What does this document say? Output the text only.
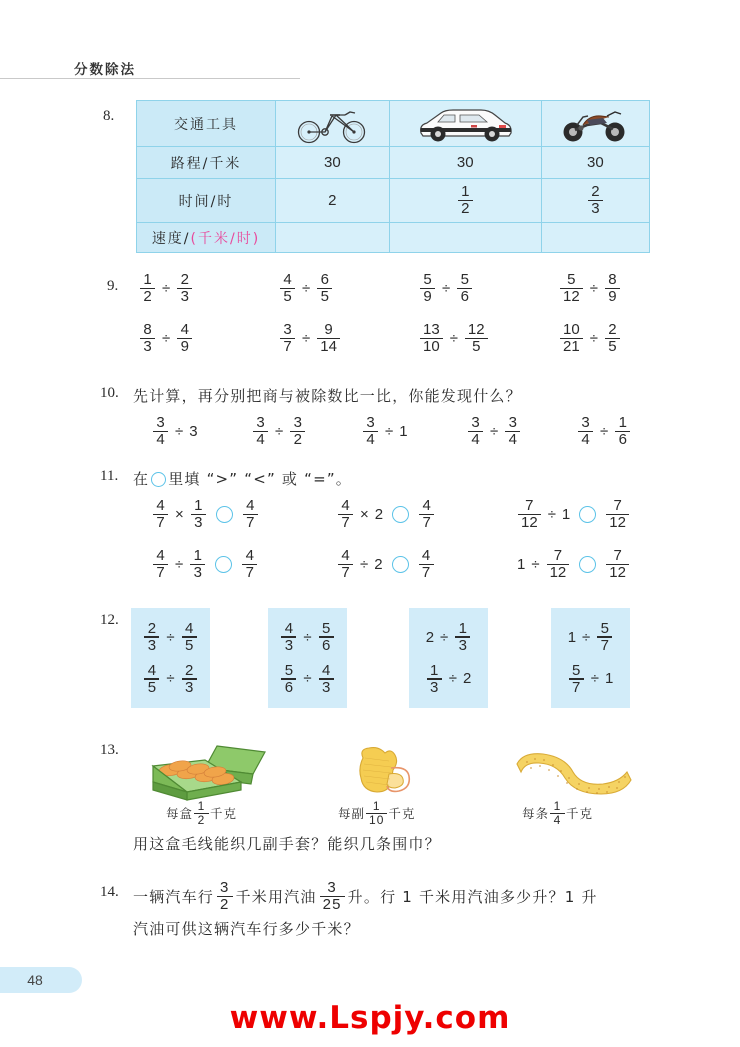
分数除法
8.
交通工具	

路程/千米	30	30	30
时间/时	2	$\frac{1}{2}$	$\frac{2}{3}$

速度/(千米/时)			
9. $\frac{1}{2} \div \frac{2}{3}$	$\frac{4}{5} \div \frac{6}{5}$	$\frac{5}{9} \div \frac{5}{6}$	$\frac{5}{12} \div \frac{8}{9}$
$\frac{8}{3} \div \frac{4}{9}$	$\frac{3}{7} \div \frac{9}{14}$	$\frac{13}{10} \div \frac{12}{5}$	$\frac{10}{21} \div \frac{2}{5}$
10. 先计算，再分别把商与被除数比一比，你能发现什么？
$\frac{3}{4} \div 3$	$\frac{3}{4} \div \frac{3}{2}$	$\frac{3}{4} \div 1$	$\frac{3}{4} \div \frac{3}{4}$	$\frac{3}{4} \div \frac{1}{6}$
11. 在 里填 “>” “<” 或 “=”。
$\frac{4}{7} \times \frac{1}{3} \frac{4}{7}$	$\frac{4}{7} \times 2 \frac{4}{7}$	$\frac{7}{12} \div 1 \frac{7}{12}$
$\frac{4}{7} \div \frac{1}{3} \frac{4}{7}$	$\frac{4}{7} \div 2 \frac{4}{7}$	$1 \div \frac{7}{12} \frac{7}{12}$
12.
$\frac{2}{3} \div \frac{4}{5}$
$\frac{4}{5} \div \frac{2}{3}$
$\frac{4}{3} \div \frac{5}{6}$
$\frac{5}{6} \div \frac{4}{3}$
$2 \div \frac{1}{3}$
$\frac{1}{3} \div 2$
$1 \div \frac{5}{7}$
$\frac{5}{7} \div 1$
13.
每盒 $\frac{1}{2}$ 千克	每副 $\frac{1}{10}$ 千克	每条 $\frac{1}{4}$ 千克
用这盒毛线能织几副手套？能织几条围巾？
14. 一辆汽车行 $\frac{3}{2}$ 千米用汽油 $\frac{3}{25}$ 升。行 1 千米用汽油多少升？1 升
汽油可供这辆汽车行多少千米？
48
www.Lspjy.com
